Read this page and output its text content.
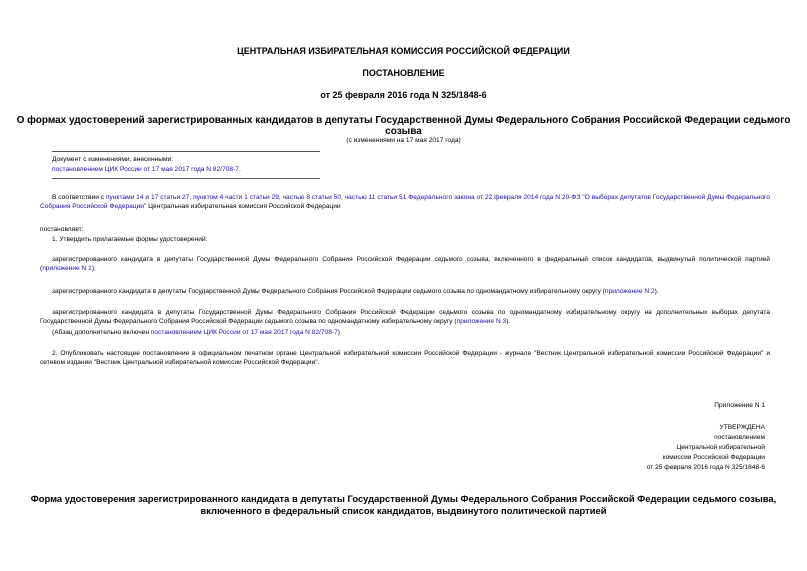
ЦЕНТРАЛЬНАЯ ИЗБИРАТЕЛЬНАЯ КОМИССИЯ РОССИЙСКОЙ ФЕДЕРАЦИИ
ПОСТАНОВЛЕНИЕ
от 25 февраля 2016 года N 325/1848-6
О формах удостоверений зарегистрированных кандидатов в депутаты Государственной Думы Федерального Собрания Российской Федерации седьмого созыва
(с изменениями на 17 мая 2017 года)
Документ с изменениями, внесенными:
постановлением ЦИК России от 17 мая 2017 года N 82/708-7.
В соответствии с пунктами 14 и 17 статьи 27, пунктом 4 части 1 статьи 29, частью 8 статьи 50, частью 11 статьи 51 Федерального закона от 22 февраля 2014 года N 20-ФЗ "О выборах депутатов Государственной Думы Федерального Собрания Российской Федерации" Центральная избирательная комиссия Российской Федерации
постановляет:
1. Утвердить прилагаемые формы удостоверений:
зарегистрированного кандидата в депутаты Государственной Думы Федерального Собрания Российской Федерации седьмого созыва, включенного в федеральный список кандидатов, выдвинутый политической партией (приложение N 1);
зарегистрированного кандидата в депутаты Государственной Думы Федерального Собрания Российской Федерации седьмого созыва по одномандатному избирательному округу (приложение N 2).
зарегистрированного кандидата в депутаты Государственной Думы Федерального Собрания Российской Федерации седьмого созыва по одномандатному избирательному округу на дополнительных выборах депутата Государственной Думы Федерального Собрания Российской Федерации седьмого созыва по одномандатному избирательному округу (приложение N 3).
(Абзац дополнительно включен постановлением ЦИК России от 17 мая 2017 года N 82/708-7)
2. Опубликовать настоящее постановление в официальном печатном органе Центральной избирательной комиссии Российской Федерации - журнале "Вестник Центральной избирательной комиссии Российской Федерации" и сетевом издании "Вестник Центральной избирательной комиссии Российской Федерации".
Приложение N 1
УТВЕРЖДЕНА
постановлением
Центральной избирательной
комиссии Российской Федерации
от 25 февраля 2016 года N 325/1848-6
Форма удостоверения зарегистрированного кандидата в депутаты Государственной Думы Федерального Собрания Российской Федерации седьмого созыва,
включенного в федеральный список кандидатов, выдвинутого политической партией
